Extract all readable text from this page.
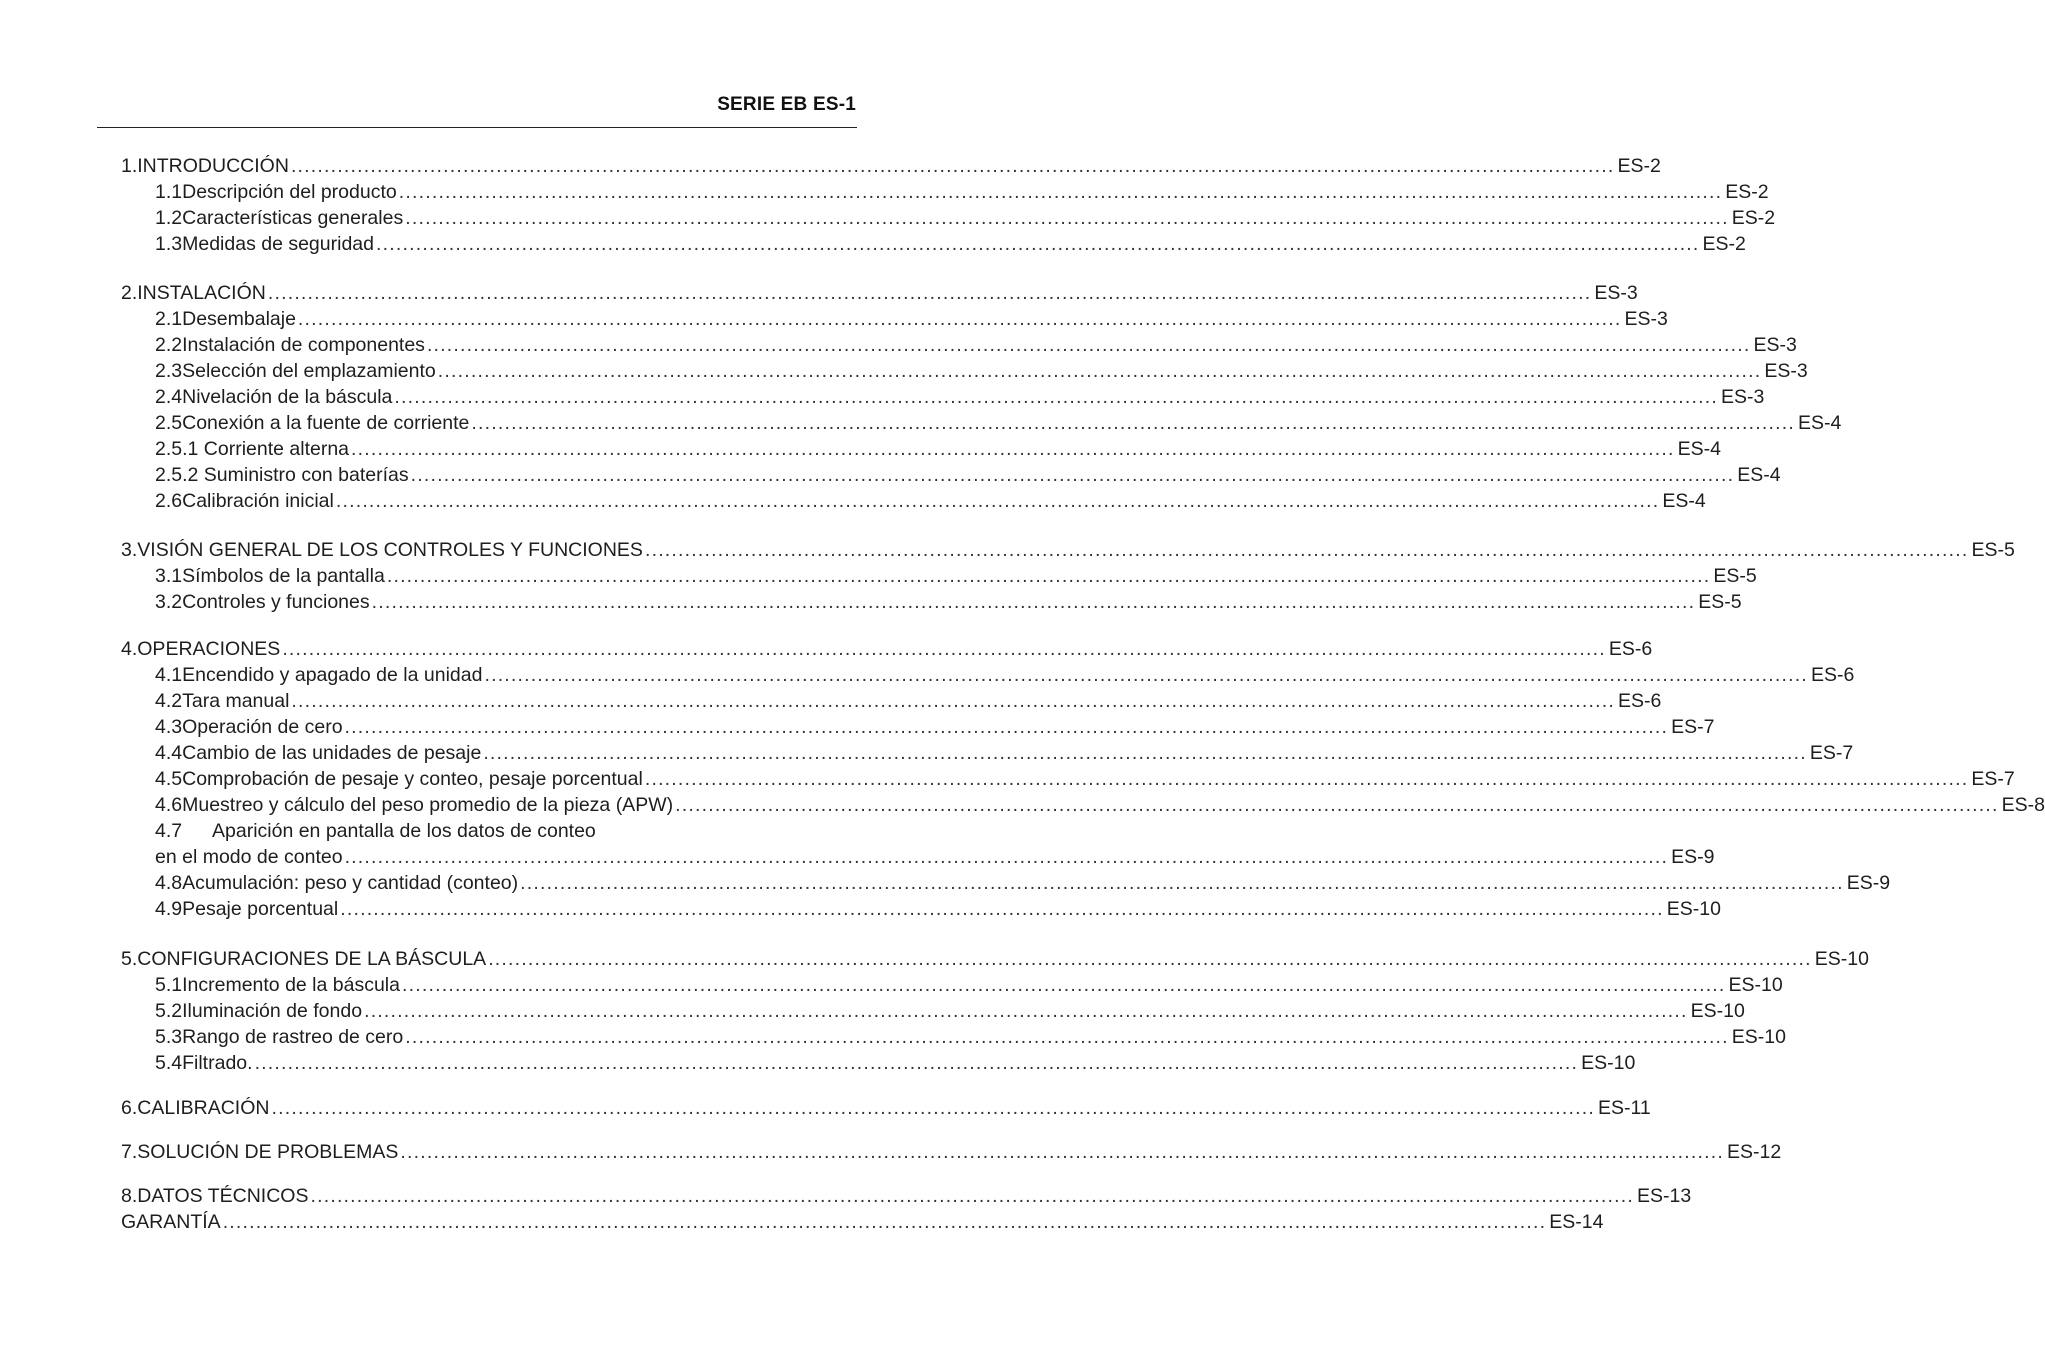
SERIE EB ES-1
1. INTRODUCCIÓN ........................................................................................................................................................................................................ ES-2
1.1 Descripción del producto ........................................................................................................................................................................................................ ES-2
1.2 Características generales ........................................................................................................................................................................................................ ES-2
1.3 Medidas de seguridad ........................................................................................................................................................................................................ ES-2
2. INSTALACIÓN ........................................................................................................................................................................................................ ES-3
2.1 Desembalaje ........................................................................................................................................................................................................ ES-3
2.2 Instalación de componentes ........................................................................................................................................................................................................ ES-3
2.3 Selección del emplazamiento ........................................................................................................................................................................................................ ES-3
2.4 Nivelación de la báscula ........................................................................................................................................................................................................ ES-3
2.5 Conexión a la fuente de corriente ........................................................................................................................................................................................................ ES-4
2.5.1 Corriente alterna ........................................................................................................................................................................................................ ES-4
2.5.2 Suministro con baterías ........................................................................................................................................................................................................ ES-4
2.6 Calibración inicial ........................................................................................................................................................................................................ ES-4
3. VISIÓN GENERAL DE LOS CONTROLES Y FUNCIONES ........................................................................................................................................................................................................ ES-5
3.1 Símbolos de la pantalla ........................................................................................................................................................................................................ ES-5
3.2 Controles y funciones ........................................................................................................................................................................................................ ES-5
4. OPERACIONES ........................................................................................................................................................................................................ ES-6
4.1 Encendido y apagado de la unidad ........................................................................................................................................................................................................ ES-6
4.2 Tara manual ........................................................................................................................................................................................................ ES-6
4.3 Operación de cero ........................................................................................................................................................................................................ ES-7
4.4 Cambio de las unidades de pesaje ........................................................................................................................................................................................................ ES-7
4.5 Comprobación de pesaje y conteo, pesaje porcentual ........................................................................................................................................................................................................ ES-7
4.6 Muestreo y cálculo del peso promedio de la pieza (APW) ........................................................................................................................................................................................................ ES-8
4.7	Aparición en pantalla de los datos de conteo
en el modo de conteo ........................................................................................................................................................................................................ ES-9
4.8 Acumulación: peso y cantidad (conteo) ........................................................................................................................................................................................................ ES-9
4.9 Pesaje porcentual ........................................................................................................................................................................................................ ES-10
5. CONFIGURACIONES DE LA BÁSCULA ........................................................................................................................................................................................................ ES-10
5.1 Incremento de la báscula ........................................................................................................................................................................................................ ES-10
5.2 Iluminación de fondo ........................................................................................................................................................................................................ ES-10
5.3 Rango de rastreo de cero ........................................................................................................................................................................................................ ES-10
5.4 Filtrado. ........................................................................................................................................................................................................ ES-10
6. CALIBRACIÓN ........................................................................................................................................................................................................ ES-11
7. SOLUCIÓN DE PROBLEMAS ........................................................................................................................................................................................................ ES-12
8. DATOS TÉCNICOS ........................................................................................................................................................................................................ ES-13
GARANTÍA ........................................................................................................................................................................................................ ES-14
